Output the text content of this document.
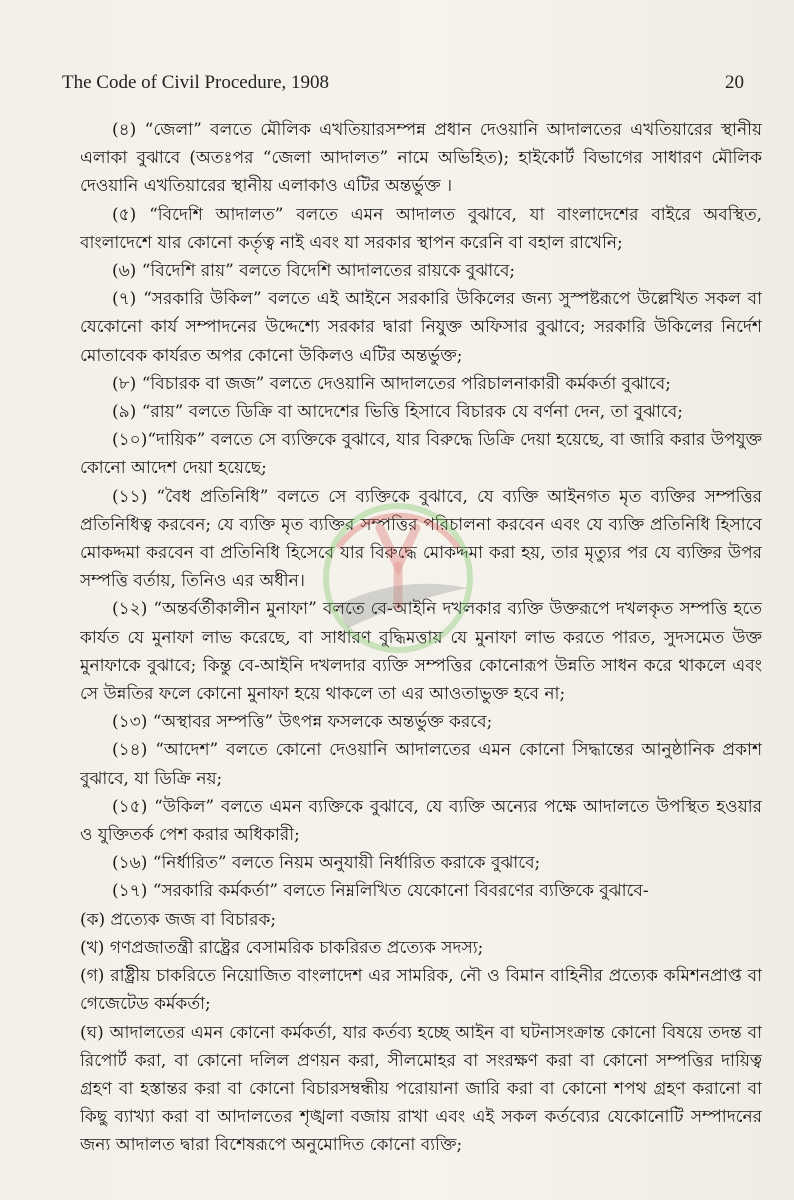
The Code of Civil Procedure, 1908	20

(৪) “জেলা” বলতে মৌলিক এখতিয়ারসম্পন্ন প্রধান দেওয়ানি আদালতের এখতিয়ারের স্থানীয় এলাকা বুঝাবে (অতঃপর “জেলা আদালত” নামে অভিহিত); হাইকোর্ট বিভাগের সাধারণ মৌলিক দেওয়ানি এখতিয়ারের স্থানীয় এলাকাও এটির অন্তর্ভুক্ত ।

(৫) “বিদেশি আদালত” বলতে এমন আদালত বুঝাবে, যা বাংলাদেশের বাইরে অবস্থিত, বাংলাদেশে যার কোনো কর্তৃত্ব নাই এবং যা সরকার স্থাপন করেনি বা বহাল রাখেনি;

(৬) “বিদেশি রায়” বলতে বিদেশি আদালতের রায়কে বুঝাবে;

(৭) “সরকারি উকিল” বলতে এই আইনে সরকারি উকিলের জন্য সুস্পষ্টরূপে উল্লেখিত সকল বা যেকোনো কার্য সম্পাদনের উদ্দেশ্যে সরকার দ্বারা নিযুক্ত অফিসার বুঝাবে; সরকারি উকিলের নির্দেশ মোতাবেক কার্যরত অপর কোনো উকিলও এটির অন্তর্ভুক্ত;

(৮) “বিচারক বা জজ” বলতে দেওয়ানি আদালতের পরিচালনাকারী কর্মকর্তা বুঝাবে;

(৯) “রায়” বলতে ডিক্রি বা আদেশের ভিত্তি হিসাবে বিচারক যে বর্ণনা দেন, তা বুঝাবে;

(১০)“দায়িক” বলতে সে ব্যক্তিকে বুঝাবে, যার বিরুদ্ধে ডিক্রি দেয়া হয়েছে, বা জারি করার উপযুক্ত কোনো আদেশ দেয়া হয়েছে;

(১১) “বৈধ প্রতিনিধি” বলতে সে ব্যক্তিকে বুঝাবে, যে ব্যক্তি আইনগত মৃত ব্যক্তির সম্পত্তির প্রতিনিধিত্ব করবেন; যে ব্যক্তি মৃত ব্যক্তির সম্পত্তির পরিচালনা করবেন এবং যে ব্যক্তি প্রতিনিধি হিসাবে মোকদ্দমা করবেন বা প্রতিনিধি হিসেবে যার বিরুদ্ধে মোকদ্দমা করা হয়, তার মৃত্যুর পর যে ব্যক্তির উপর সম্পত্তি বর্তায়, তিনিও এর অধীন।

(১২) “অন্তর্বর্তীকালীন মুনাফা” বলতে বে-আইনি দখলকার ব্যক্তি উক্তরূপে দখলকৃত সম্পত্তি হতে কার্যত যে মুনাফা লাভ করেছে, বা সাধারণ বুদ্ধিমত্তায় যে মুনাফা লাভ করতে পারত, সুদসমেত উক্ত মুনাফাকে বুঝাবে; কিন্তু বে-আইনি দখলদার ব্যক্তি সম্পত্তির কোনোরূপ উন্নতি সাধন করে থাকলে এবং সে উন্নতির ফলে কোনো মুনাফা হয়ে থাকলে তা এর আওতাভুক্ত হবে না;

(১৩) “অস্থাবর সম্পত্তি” উৎপন্ন ফসলকে অন্তর্ভুক্ত করবে;

(১৪) “আদেশ” বলতে কোনো দেওয়ানি আদালতের এমন কোনো সিদ্ধান্তের আনুষ্ঠানিক প্রকাশ বুঝাবে, যা ডিক্রি নয়;

(১৫) “উকিল” বলতে এমন ব্যক্তিকে বুঝাবে, যে ব্যক্তি অন্যের পক্ষে আদালতে উপস্থিত হওয়ার ও যুক্তিতর্ক পেশ করার অধিকারী;

(১৬) “নির্ধারিত” বলতে নিয়ম অনুযায়ী নির্ধারিত করাকে বুঝাবে;

(১৭) “সরকারি কর্মকর্তা” বলতে নিম্নলিখিত যেকোনো বিবরণের ব্যক্তিকে বুঝাবে-

(ক) প্রত্যেক জজ বা বিচারক;

(খ) গণপ্রজাতন্ত্রী রাষ্ট্রের বেসামরিক চাকরিরত প্রত্যেক সদস্য;

(গ) রাষ্ট্রীয় চাকরিতে নিয়োজিত বাংলাদেশ এর সামরিক, নৌ ও বিমান বাহিনীর প্রত্যেক কমিশনপ্রাপ্ত বা গেজেটেড কর্মকর্তা;

(ঘ) আদালতের এমন কোনো কর্মকর্তা, যার কর্তব্য হচ্ছে আইন বা ঘটনাসংক্রান্ত কোনো বিষয়ে তদন্ত বা রিপোর্ট করা, বা কোনো দলিল প্রণয়ন করা, সীলমোহর বা সংরক্ষণ করা বা কোনো সম্পত্তির দায়িত্ব গ্রহণ বা হস্তান্তর করা বা কোনো বিচারসম্বন্ধীয় পরোয়ানা জারি করা বা কোনো শপথ গ্রহণ করানো বা কিছু ব্যাখ্যা করা বা আদালতের শৃঙ্খলা বজায় রাখা এবং এই সকল কর্তব্যের যেকোনোটি সম্পাদনের জন্য আদালত দ্বারা বিশেষরূপে অনুমোদিত কোনো ব্যক্তি;
